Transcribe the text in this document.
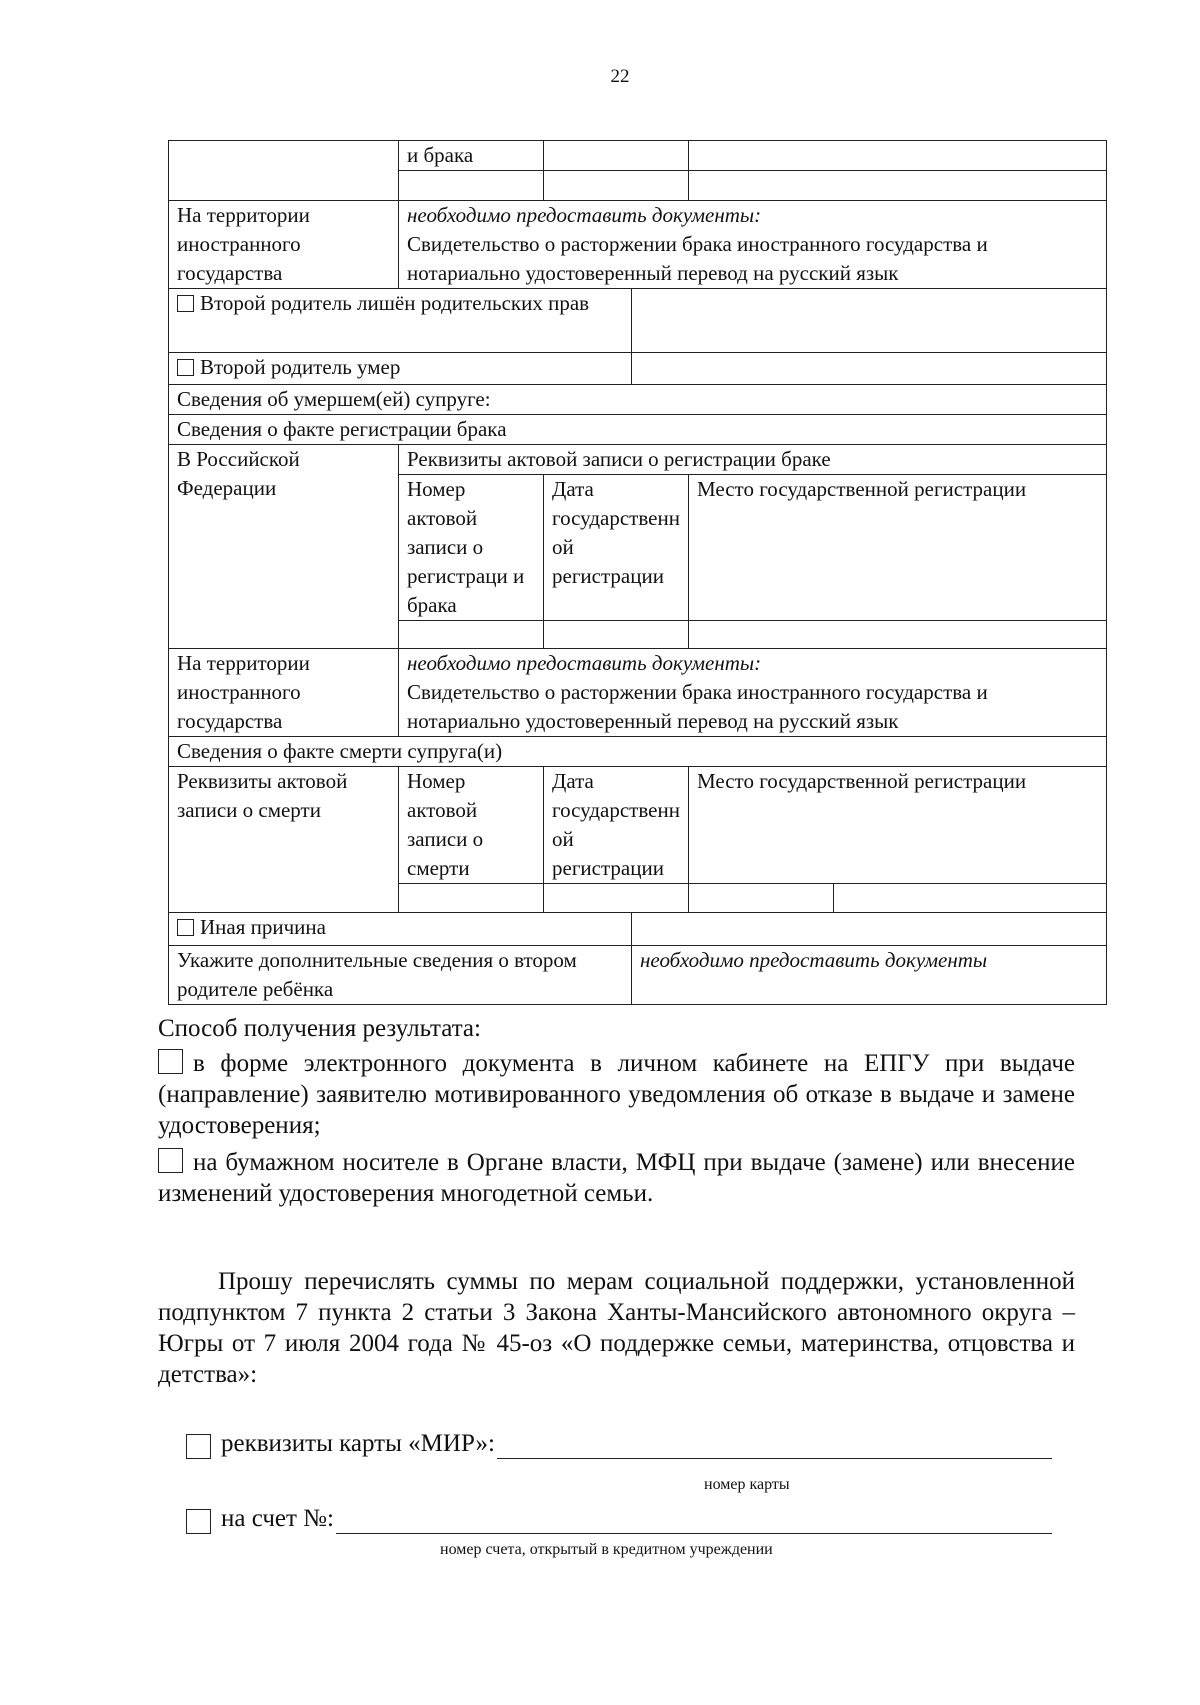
22
	и брака				

На территории иностранного государства	необходимо предоставить документы:
Свидетельство о расторжении брака иностранного государства и нотариально удостоверенный перевод на русский язык				

Второй родитель лишён родительских прав					
Второй родитель умер					
Сведения об умершем(ей) супруге:					
Сведения о факте регистрации брака					
В Российской Федерации	Реквизиты актовой записи о регистрации браке				
	Номер актовой записи о регистраци и брака	Дата государственн ой регистрации		Место государственной регистрации	

На территории иностранного государства	необходимо предоставить документы:
Свидетельство о расторжении брака иностранного государства и нотариально удостоверенный перевод на русский язык				

Сведения о факте смерти супруга(и)					
Реквизиты актовой записи о смерти	Номер актовой записи о смерти	Дата государственн ой регистрации		Место государственной регистрации	

Иная причина					
Укажите дополнительные сведения о втором родителе ребёнка			необходимо предоставить документы		

Способ получения результата:

в форме электронного документа в личном кабинете на ЕПГУ при выдаче (направление) заявителю мотивированного уведомления об отказе в выдаче и замене удостоверения;

на бумажном носителе в Органе власти, МФЦ при выдаче (замене) или внесение изменений удостоверения многодетной семьи.

Прошу перечислять суммы по мерам социальной поддержки, установленной подпунктом 7 пункта 2 статьи 3 Закона Ханты-Мансийского автономного округа – Югры от 7 июля 2004 года № 45-оз «О поддержке семьи, материнства, отцовства и детства»:
реквизиты карты «МИР»:
номер карты
на счет №:
номер счета, открытый в кредитном учреждении
